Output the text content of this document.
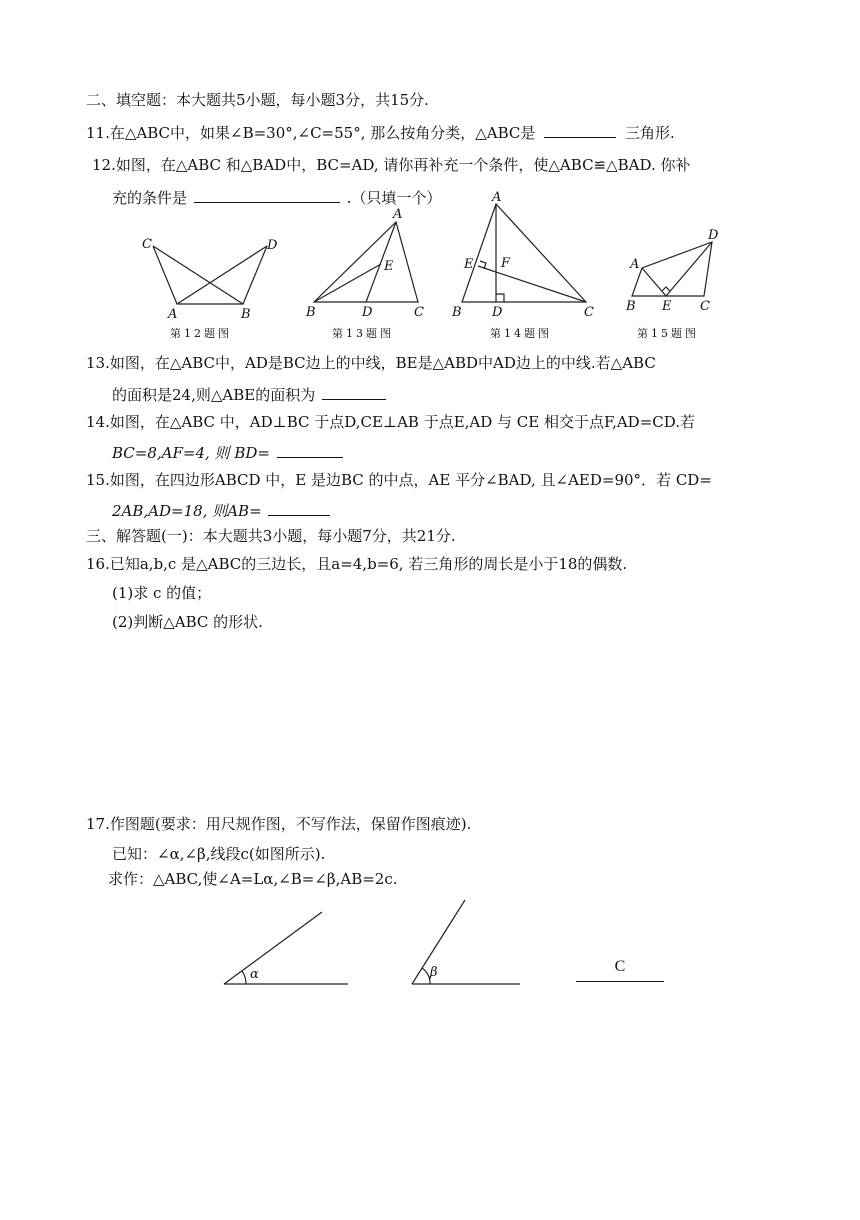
二、填空题：本大题共5小题，每小题3分，共15分.
11.在△ABC中，如果∠B=30°,∠C=55°, 那么按角分类，△ABC是	三角形.
12.如图，在△ABC 和△BAD中，BC=AD, 请你再补充一个条件，使△ABC≌△BAD. 你补
充的条件是	.（只填一个）
C	D
A	B
第12题图
A
E
B	D	C
第13题图
A
E F
B D	C
第14题图
D
A
B E C
第15题图
13.如图，在△ABC中，AD是BC边上的中线，BE是△ABD中AD边上的中线.若△ABC
的面积是24,则△ABE的面积为
14.如图，在△ABC 中，AD⊥BC 于点D,CE⊥AB 于点E,AD 与 CE 相交于点F,AD=CD.若
BC=8,AF=4, 则 BD=
15.如图，在四边形ABCD 中，E 是边BC 的中点，AE 平分∠BAD, 且∠AED=90°．若 CD=
2AB,AD=18, 则AB=
三、解答题(一)：本大题共3小题，每小题7分，共21分.
16.已知a,b,c 是△ABC的三边长，且a=4,b=6, 若三角形的周长是小于18的偶数.
(1)求 c 的值；
(2)判断△ABC 的形状.
17.作图题(要求：用尺规作图，不写作法，保留作图痕迹).
已知：∠α,∠β,线段c(如图所示).
求作：△ABC,使∠A=Lα,∠B=∠β,AB=2c.
α	β	C
